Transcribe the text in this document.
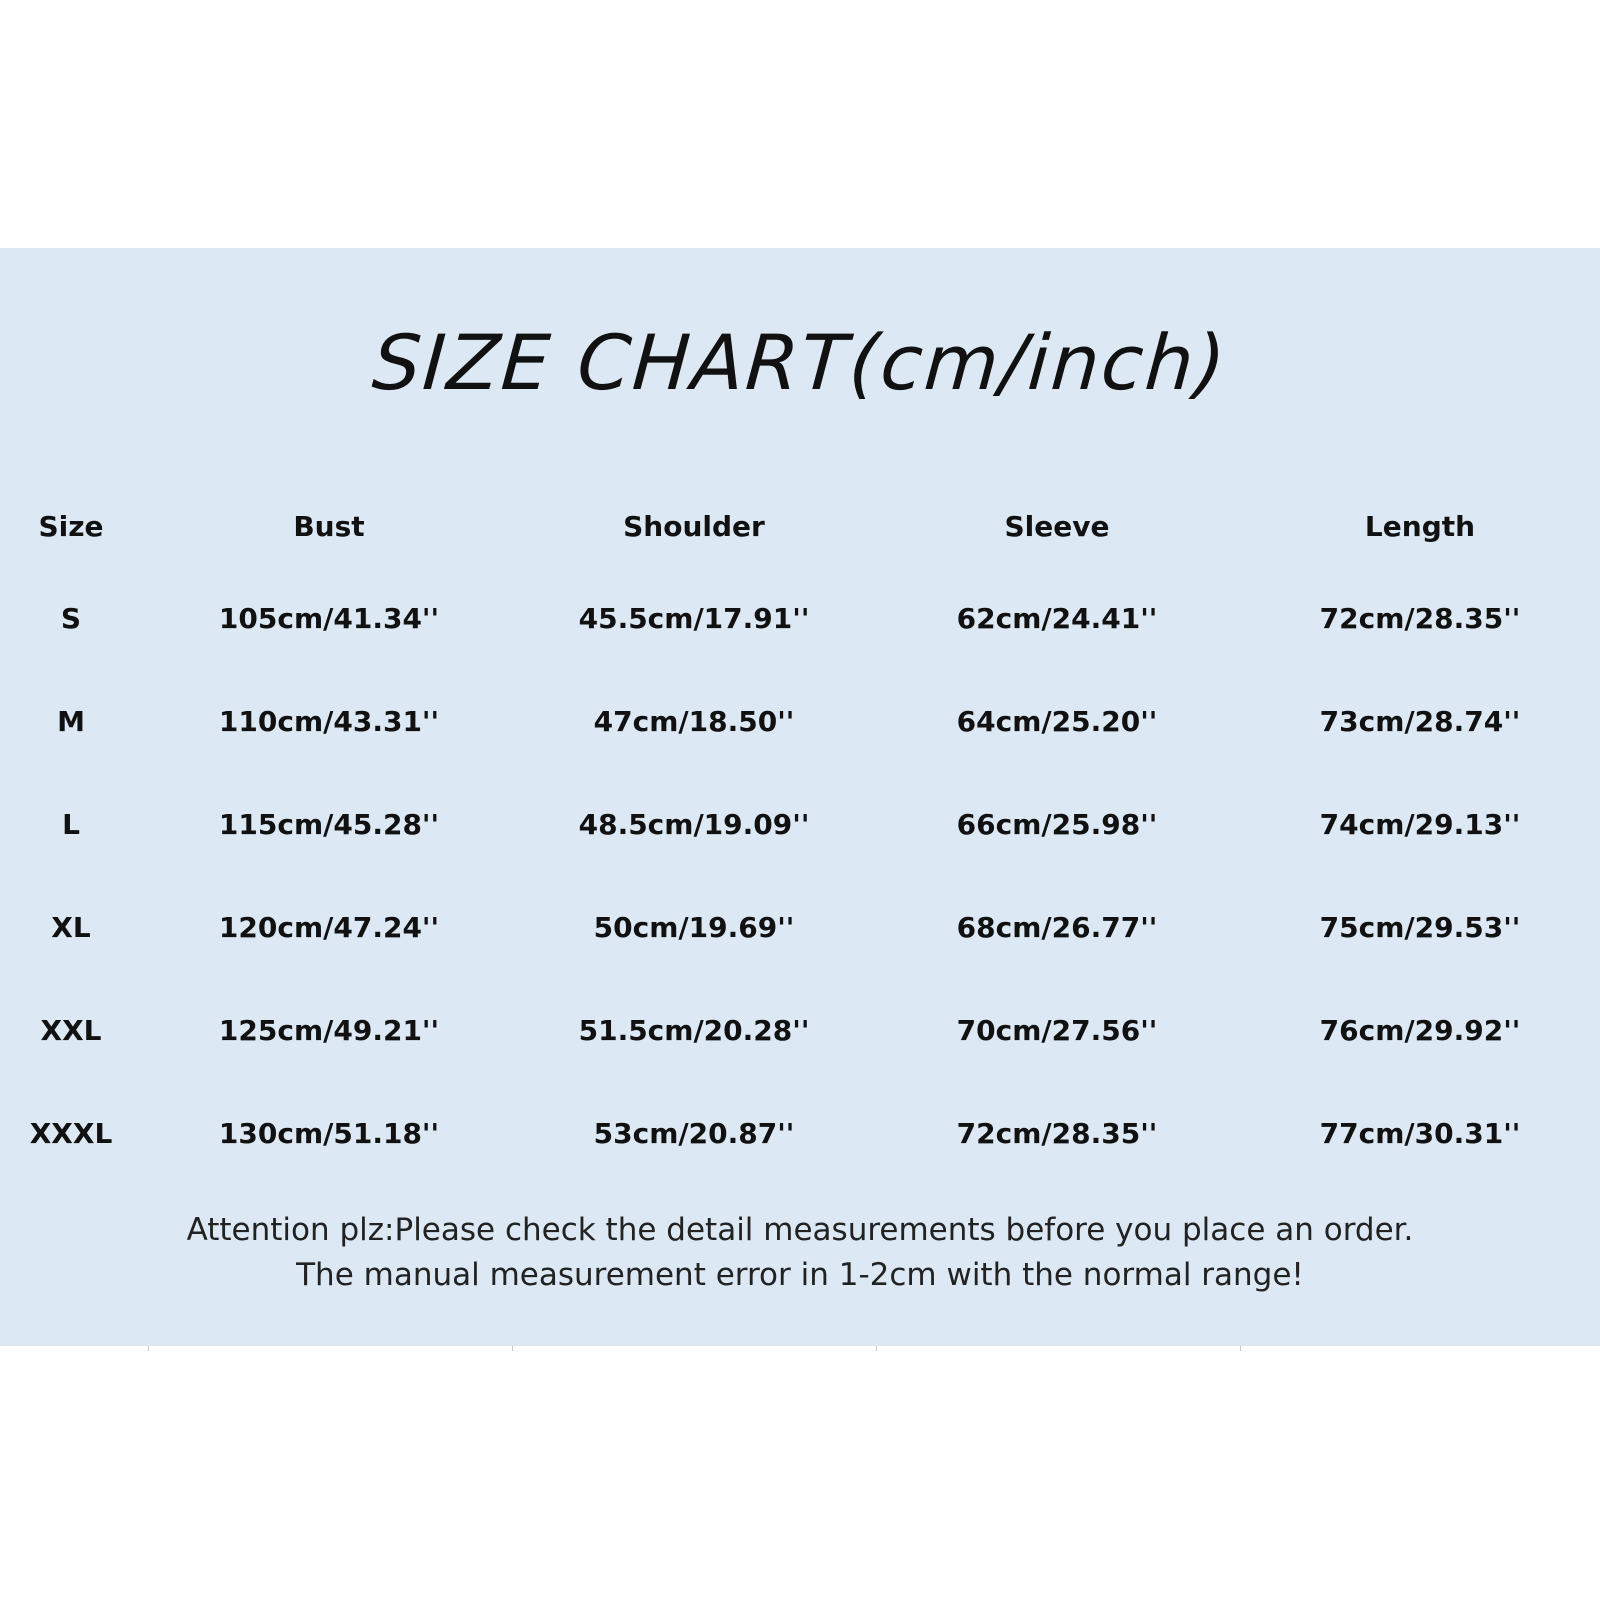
SIZE CHART(cm/inch)
Size	Bust	Shoulder	Sleeve	Length
S	105cm/41.34''	45.5cm/17.91''	62cm/24.41''	72cm/28.35''
M	110cm/43.31''	47cm/18.50''	64cm/25.20''	73cm/28.74''
L	115cm/45.28''	48.5cm/19.09''	66cm/25.98''	74cm/29.13''
XL	120cm/47.24''	50cm/19.69''	68cm/26.77''	75cm/29.53''
XXL	125cm/49.21''	51.5cm/20.28''	70cm/27.56''	76cm/29.92''
XXXL	130cm/51.18''	53cm/20.87''	72cm/28.35''	77cm/30.31''
Attention plz:Please check the detail measurements before you place an order.
The manual measurement error in 1-2cm with the normal range!
